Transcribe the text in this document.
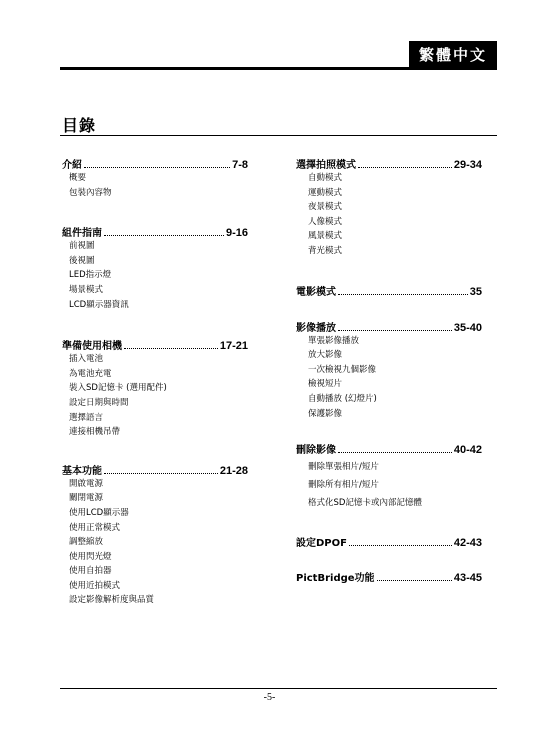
繁體中文
目錄
介紹	7-8
概要
包裝內容物
組件指南	9-16
前視圖
後視圖
LED指示燈
場景模式
LCD顯示器資訊
準備使用相機	17-21
插入電池
為電池充電
裝入SD記憶卡 (選用配件)
設定日期與時間
選擇語言
連接相機吊帶
基本功能	21-28
開啟電源
關閉電源
使用LCD顯示器
使用正常模式
調整縮放
使用閃光燈
使用自拍器
使用近拍模式
設定影像解析度與品質
選擇拍照模式	29-34
自動模式
運動模式
夜景模式
人像模式
風景模式
背光模式
電影模式	35
影像播放	35-40
單張影像播放
放大影像
一次檢視九個影像
檢視短片
自動播放 (幻燈片)
保護影像
刪除影像	40-42
刪除單張相片/短片
刪除所有相片/短片
格式化SD記憶卡或內部記憶體
設定DPOF	42-43
PictBridge功能	43-45
-5-
